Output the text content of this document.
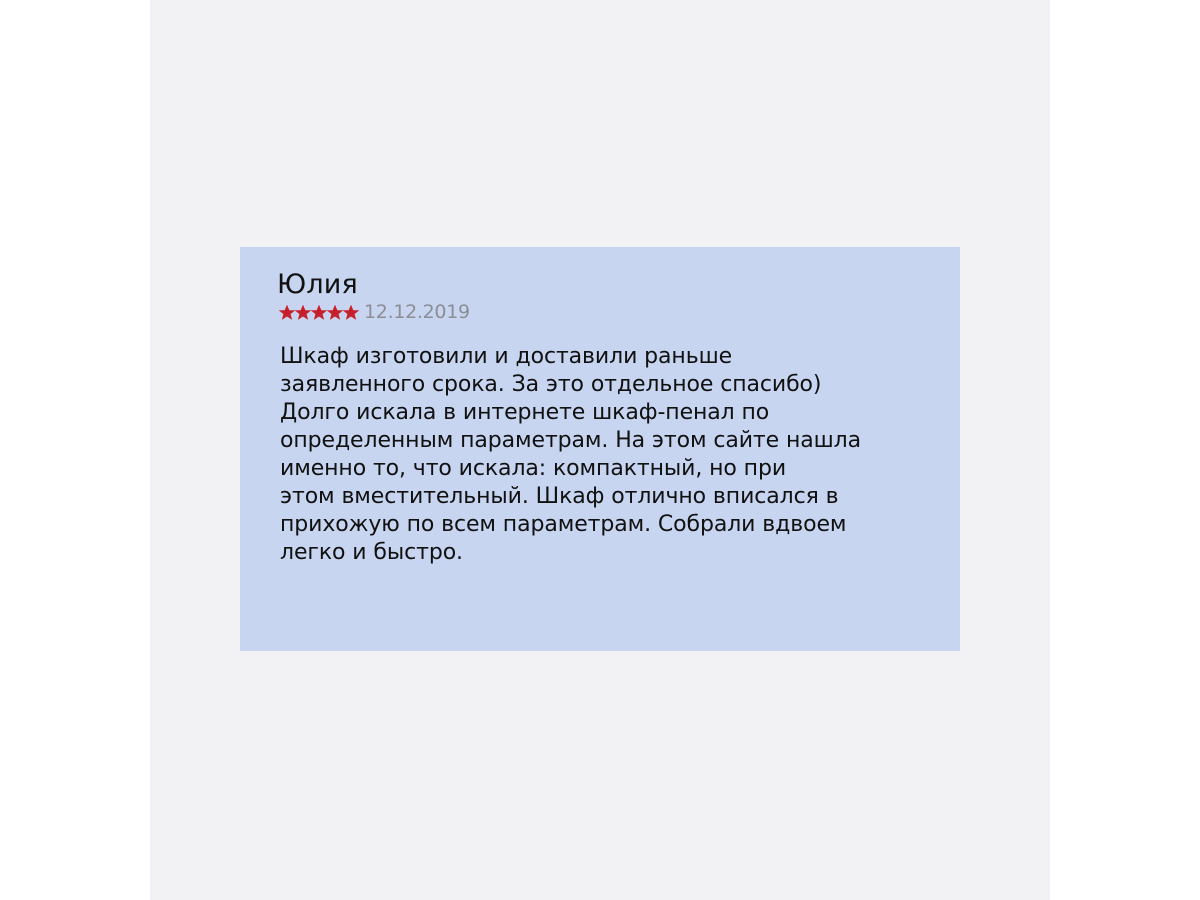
Юлия
12.12.2019

Шкаф изготовили и доставили раньше
заявленного срока. За это отдельное спасибо)
Долго искала в интернете шкаф-пенал по
определенным параметрам. На этом сайте нашла
именно то, что искала: компактный, но при
этом вместительный. Шкаф отлично вписался в
прихожую по всем параметрам. Собрали вдвоем
легко и быстро.
